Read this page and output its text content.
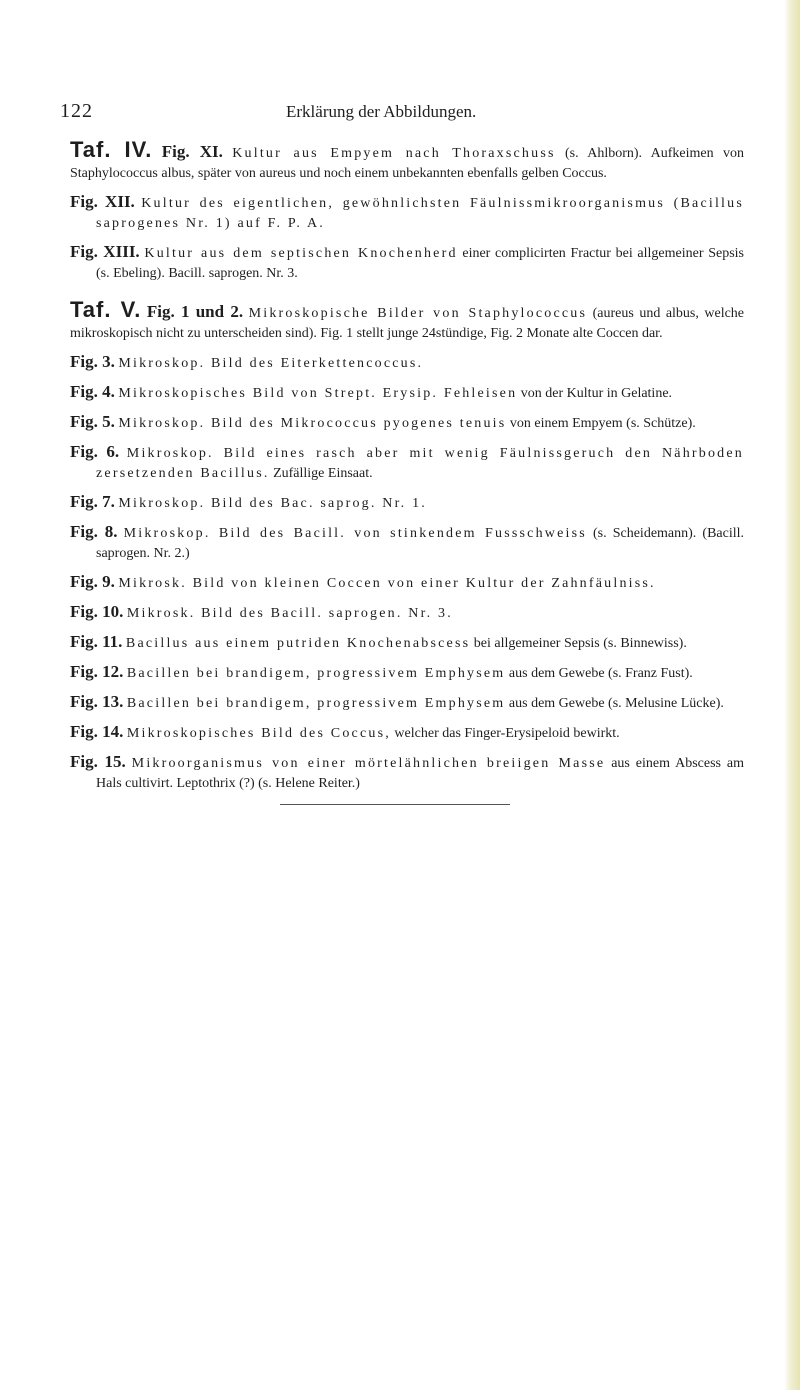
122	Erklärung der Abbildungen.
Taf. IV. Fig. XI. Kultur aus Empyem nach Thoraxschuss (s. Ahlborn). Aufkeimen von Staphylococcus albus, später von aureus und noch einem unbekannten ebenfalls gelben Coccus.
Fig. XII. Kultur des eigentlichen, gewöhnlichsten Fäulnissmikroorganismus (Bacillus saprogenes Nr. 1) auf F. P. A.
Fig. XIII. Kultur aus dem septischen Knochenherd einer complicirten Fractur bei allgemeiner Sepsis (s. Ebeling). Bacill. saprogen. Nr. 3.
Taf. V. Fig. 1 und 2. Mikroskopische Bilder von Staphylococcus (aureus und albus, welche mikroskopisch nicht zu unterscheiden sind). Fig. 1 stellt junge 24stündige, Fig. 2 Monate alte Coccen dar.
Fig. 3. Mikroskop. Bild des Eiterkettencoccus.
Fig. 4. Mikroskopisches Bild von Strept. Erysip. Fehleisen von der Kultur in Gelatine.
Fig. 5. Mikroskop. Bild des Mikrococcus pyogenes tenuis von einem Empyem (s. Schütze).
Fig. 6. Mikroskop. Bild eines rasch aber mit wenig Fäulnissgeruch den Nährboden zersetzenden Bacillus. Zufällige Einsaat.
Fig. 7. Mikroskop. Bild des Bac. saprog. Nr. 1.
Fig. 8. Mikroskop. Bild des Bacill. von stinkendem Fussschweiss (s. Scheidemann). (Bacill. saprogen. Nr. 2.)
Fig. 9. Mikrosk. Bild von kleinen Coccen von einer Kultur der Zahnfäulniss.
Fig. 10. Mikrosk. Bild des Bacill. saprogen. Nr. 3.
Fig. 11. Bacillus aus einem putriden Knochenabscess bei allgemeiner Sepsis (s. Binnewiss).
Fig. 12. Bacillen bei brandigem, progressivem Emphysem aus dem Gewebe (s. Franz Fust).
Fig. 13. Bacillen bei brandigem, progressivem Emphysem aus dem Gewebe (s. Melusine Lücke).
Fig. 14. Mikroskopisches Bild des Coccus, welcher das Finger-Erysipeloid bewirkt.
Fig. 15. Mikroorganismus von einer mörtelähnlichen breiigen Masse aus einem Abscess am Hals cultivirt. Leptothrix (?) (s. Helene Reiter.)
